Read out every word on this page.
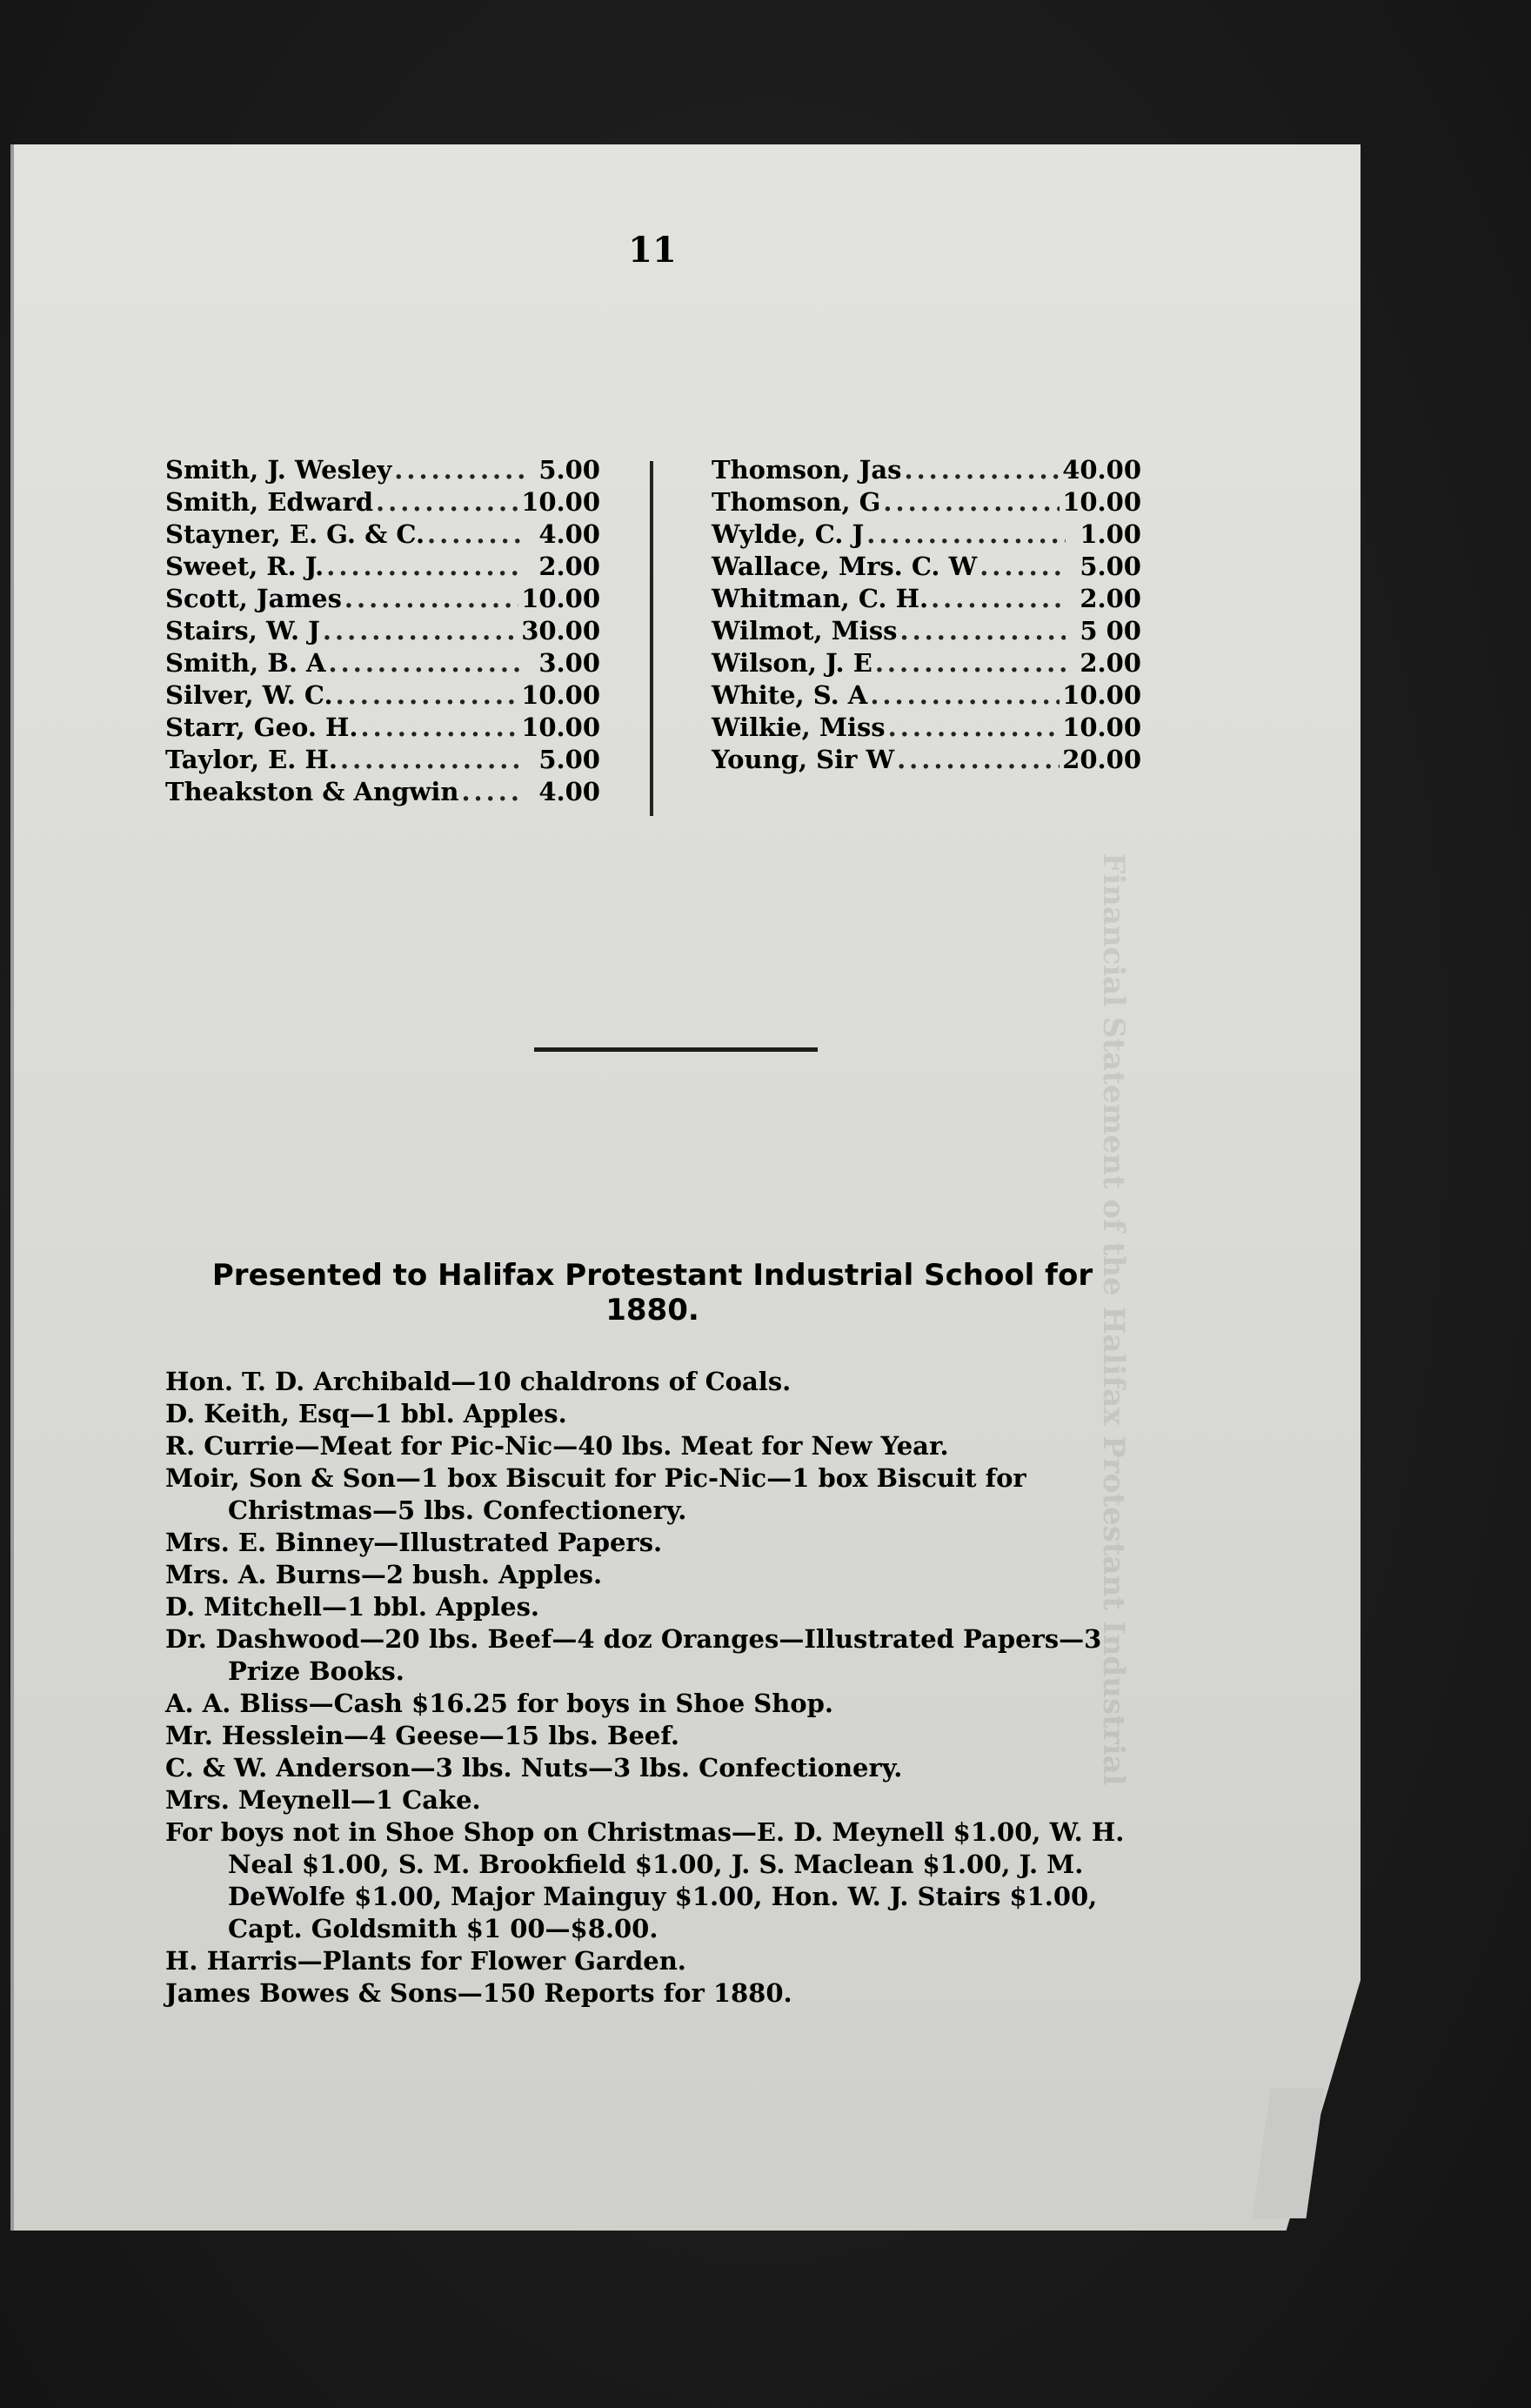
11
Smith, J. Wesley .....	5.00
Smith, Edward .....	10.00
Stayner, E. G. & C. .....	4.00
Sweet, R. J. .....	2.00
Scott, James .....	10.00
Stairs, W. J .....	30.00
Smith, B. A .....	3.00
Silver, W. C. .....	10.00
Starr, Geo. H. .....	10.00
Taylor, E. H. .....	5.00
Theakston & Angwin .....	4.00
Thomson, Jas .....	40.00
Thomson, G .....	10.00
Wylde, C. J .....	1.00
Wallace, Mrs. C. W .....	5.00
Whitman, C. H. .....	2.00
Wilmot, Miss .....	5 00
Wilson, J. E .....	2.00
White, S. A .....	10.00
Wilkie, Miss .....	10.00
Young, Sir W .....	20.00
Presented to Halifax Protestant Industrial School for
1880.

Hon. T. D. Archibald—10 chaldrons of Coals.

D. Keith, Esq—1 bbl. Apples.

R. Currie—Meat for Pic-Nic—40 lbs. Meat for New Year.

Moir, Son & Son—1 box Biscuit for Pic-Nic—1 box Biscuit for Christmas—5 lbs. Confectionery.

Mrs. E. Binney—Illustrated Papers.

Mrs. A. Burns—2 bush. Apples.

D. Mitchell—1 bbl. Apples.

Dr. Dashwood—20 lbs. Beef—4 doz Oranges—Illustrated Papers—3 Prize Books.

A. A. Bliss—Cash $16.25 for boys in Shoe Shop.

Mr. Hesslein—4 Geese—15 lbs. Beef.

C. & W. Anderson—3 lbs. Nuts—3 lbs. Confectionery.

Mrs. Meynell—1 Cake.

For boys not in Shoe Shop on Christmas—E. D. Meynell $1.00, W. H. Neal $1.00, S. M. Brookfield $1.00, J. S. Maclean $1.00, J. M. DeWolfe $1.00, Major Mainguy $1.00, Hon. W. J. Stairs $1.00, Capt. Goldsmith $1 00—$8.00.

H. Harris—Plants for Flower Garden.

James Bowes & Sons—150 Reports for 1880.
